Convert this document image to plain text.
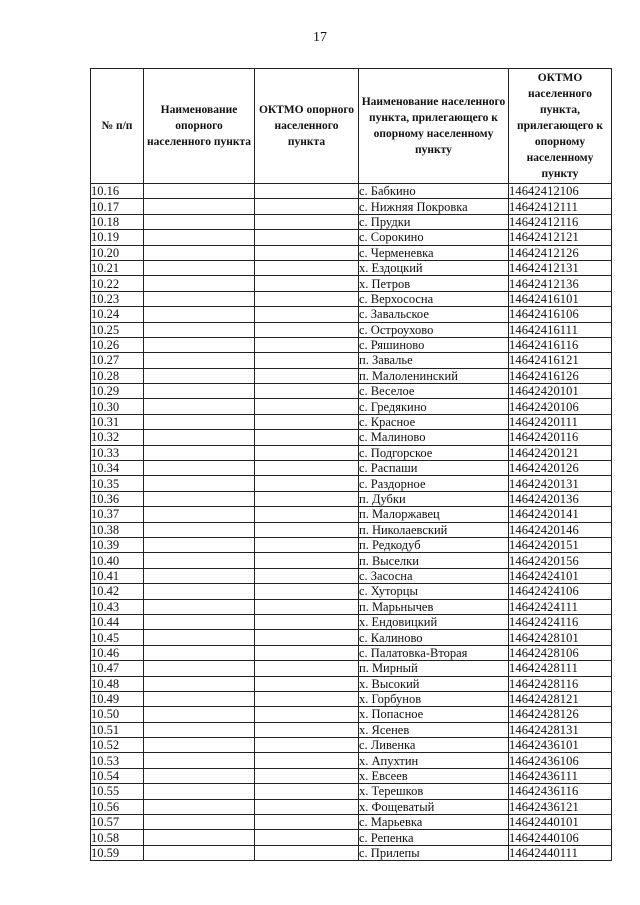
17
№ п/п	Наименование опорного населенного пункта	ОКТМО опорного населенного пункта	Наименование населенного пункта, прилегающего к опорному населенному пункту	ОКТМО населенного пункта, прилегающего к опорному населенному пункту
10.16			с. Бабкино	14642412106
10.17			с. Нижняя Покровка	14642412111
10.18			с. Прудки	14642412116
10.19			с. Сорокино	14642412121
10.20			с. Черменевка	14642412126
10.21			х. Ездоцкий	14642412131
10.22			х. Петров	14642412136
10.23			с. Верхососна	14642416101
10.24			с. Завальское	14642416106
10.25			с. Остроухово	14642416111
10.26			с. Ряшиново	14642416116
10.27			п. Завалье	14642416121
10.28			п. Малоленинский	14642416126
10.29			с. Веселое	14642420101
10.30			с. Гредякино	14642420106
10.31			с. Красное	14642420111
10.32			с. Малиново	14642420116
10.33			с. Подгорское	14642420121
10.34			с. Распаши	14642420126
10.35			с. Раздорное	14642420131
10.36			п. Дубки	14642420136
10.37			п. Малоржавец	14642420141
10.38			п. Николаевский	14642420146
10.39			п. Редкодуб	14642420151
10.40			п. Выселки	14642420156
10.41			с. Засосна	14642424101
10.42			с. Хуторцы	14642424106
10.43			п. Марьнычев	14642424111
10.44			х. Ендовицкий	14642424116
10.45			с. Калиново	14642428101
10.46			с. Палатовка-Вторая	14642428106
10.47			п. Мирный	14642428111
10.48			х. Высокий	14642428116
10.49			х. Горбунов	14642428121
10.50			х. Попасное	14642428126
10.51			х. Ясенев	14642428131
10.52			с. Ливенка	14642436101
10.53			х. Апухтин	14642436106
10.54			х. Евсеев	14642436111
10.55			х. Терешков	14642436116
10.56			х. Фощеватый	14642436121
10.57			с. Марьевка	14642440101
10.58			с. Репенка	14642440106
10.59			с. Прилепы	14642440111
